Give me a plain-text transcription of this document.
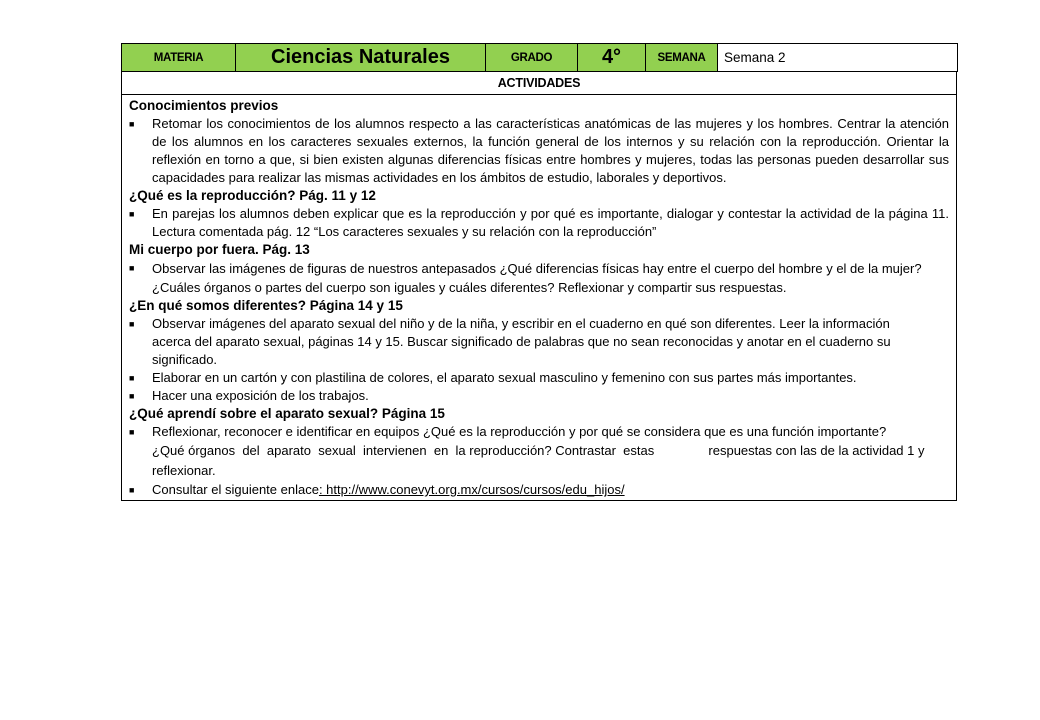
MATERIA	Ciencias Naturales	GRADO	4°	SEMANA	Semana 2
ACTIVIDADES
Conocimientos previos
■ Retomar los conocimientos de los alumnos respecto a las características anatómicas de las mujeres y los hombres. Centrar la atención de los alumnos en los caracteres sexuales externos, la función general de los internos y su relación con la reproducción. Orientar la reflexión en torno a que, si bien existen algunas diferencias físicas entre hombres y mujeres, todas las personas pueden desarrollar sus capacidades para realizar las mismas actividades en los ámbitos de estudio, laborales y deportivos.
¿Qué es la reproducción? Pág. 11 y 12
■ En parejas los alumnos deben explicar que es la reproducción y por qué es importante, dialogar y contestar la actividad de la página 11. Lectura comentada pág. 12 “Los caracteres sexuales y su relación con la reproducción”
Mi cuerpo por fuera. Pág. 13
■ Observar las imágenes de figuras de nuestros antepasados ¿Qué diferencias físicas hay entre el cuerpo del hombre y el de la mujer? ¿Cuáles órganos o partes del cuerpo son iguales y cuáles diferentes? Reflexionar y compartir sus respuestas.
¿En qué somos diferentes? Página 14 y 15
■ Observar imágenes del aparato sexual del niño y de la niña, y escribir en el cuaderno en qué son diferentes. Leer la información
acerca del aparato sexual, páginas 14 y 15. Buscar significado de palabras que no sean reconocidas y anotar en el cuaderno su significado.
■ Elaborar en un cartón y con plastilina de colores, el aparato sexual masculino y femenino con sus partes más importantes.
■ Hacer una exposición de los trabajos.
¿Qué aprendí sobre el aparato sexual? Página 15
■ Reflexionar, reconocer e identificar en equipos ¿Qué es la reproducción y por qué se considera que es una función importante?
¿Qué órganos  del  aparato  sexual  intervienen  en  la reproducción? Contrastar  estas               respuestas con las de la actividad 1 y  reflexionar.
■ Consultar el siguiente enlace: http://www.conevyt.org.mx/cursos/cursos/edu_hijos/
